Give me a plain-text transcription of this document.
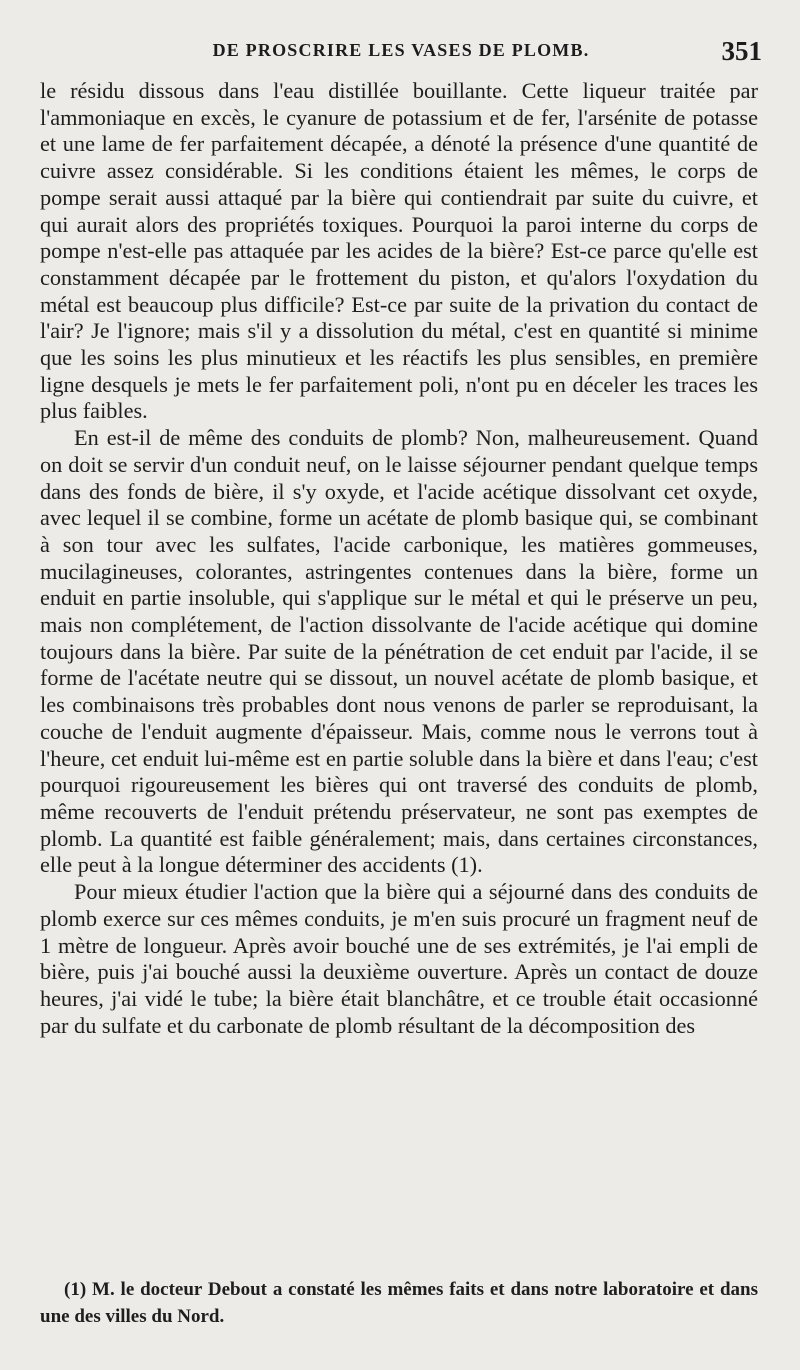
DE PROSCRIRE LES VASES DE PLOMB.	351

le résidu dissous dans l'eau distillée bouillante. Cette liqueur traitée par l'ammoniaque en excès, le cyanure de potassium et de fer, l'arsénite de potasse et une lame de fer parfaitement décapée, a dénoté la présence d'une quantité de cuivre assez considérable. Si les conditions étaient les mêmes, le corps de pompe serait aussi attaqué par la bière qui contiendrait par suite du cuivre, et qui aurait alors des propriétés toxiques. Pourquoi la paroi interne du corps de pompe n'est-elle pas attaquée par les acides de la bière? Est-ce parce qu'elle est constamment décapée par le frottement du piston, et qu'alors l'oxydation du métal est beaucoup plus difficile? Est-ce par suite de la privation du contact de l'air? Je l'ignore; mais s'il y a dissolution du métal, c'est en quantité si minime que les soins les plus minutieux et les réactifs les plus sensibles, en première ligne desquels je mets le fer parfaitement poli, n'ont pu en déceler les traces les plus faibles.

En est-il de même des conduits de plomb? Non, malheureusement. Quand on doit se servir d'un conduit neuf, on le laisse séjourner pendant quelque temps dans des fonds de bière, il s'y oxyde, et l'acide acétique dissolvant cet oxyde, avec lequel il se combine, forme un acétate de plomb basique qui, se combinant à son tour avec les sulfates, l'acide carbonique, les matières gommeuses, mucilagineuses, colorantes, astringentes contenues dans la bière, forme un enduit en partie insoluble, qui s'applique sur le métal et qui le préserve un peu, mais non complétement, de l'action dissolvante de l'acide acétique qui domine toujours dans la bière. Par suite de la pénétration de cet enduit par l'acide, il se forme de l'acétate neutre qui se dissout, un nouvel acétate de plomb basique, et les combinaisons très probables dont nous venons de parler se reproduisant, la couche de l'enduit augmente d'épaisseur. Mais, comme nous le verrons tout à l'heure, cet enduit lui-même est en partie soluble dans la bière et dans l'eau; c'est pourquoi rigoureusement les bières qui ont traversé des conduits de plomb, même recouverts de l'enduit prétendu préservateur, ne sont pas exemptes de plomb. La quantité est faible généralement; mais, dans certaines circonstances, elle peut à la longue déterminer des accidents (1).

Pour mieux étudier l'action que la bière qui a séjourné dans des conduits de plomb exerce sur ces mêmes conduits, je m'en suis procuré un fragment neuf de 1 mètre de longueur. Après avoir bouché une de ses extrémités, je l'ai empli de bière, puis j'ai bouché aussi la deuxième ouverture. Après un contact de douze heures, j'ai vidé le tube; la bière était blanchâtre, et ce trouble était occasionné par du sulfate et du carbonate de plomb résultant de la décomposition des

(1) M. le docteur Debout a constaté les mêmes faits et dans notre laboratoire et dans une des villes du Nord.
